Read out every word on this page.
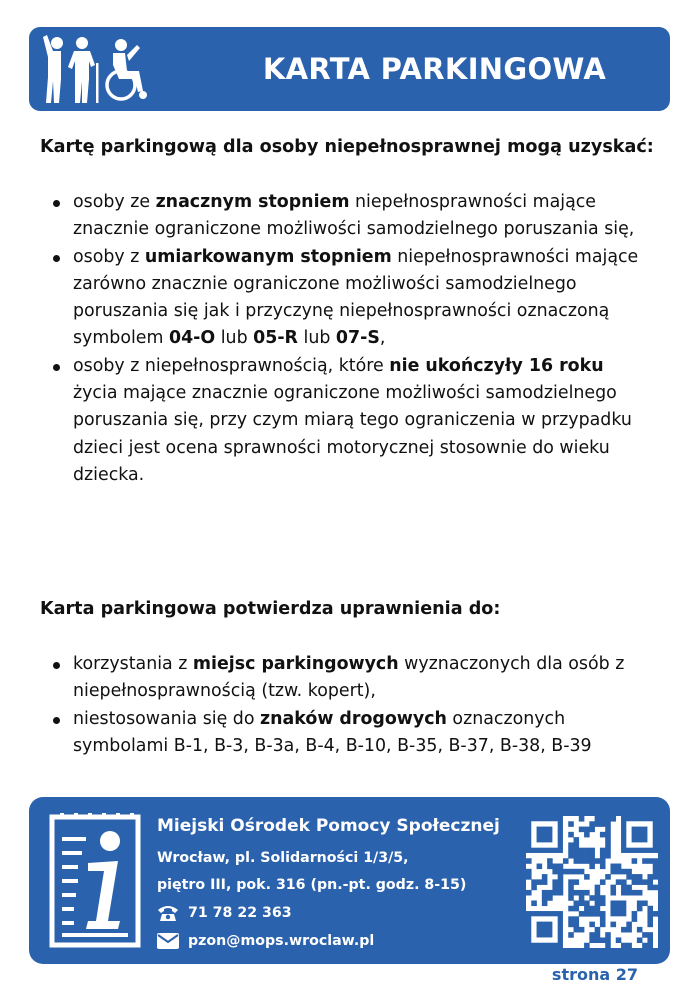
KARTA PARKINGOWA

Kartę parkingową dla osoby niepełnosprawnej mogą uzyskać:

osoby ze znacznym stopniem niepełnosprawności mające znacznie ograniczone możliwości samodzielnego poruszania się,
osoby z umiarkowanym stopniem niepełnosprawności mające zarówno znacznie ograniczone możliwości samodzielnego poruszania się jak i przyczynę niepełnosprawności oznaczoną symbolem 04-O lub 05-R lub 07-S,
osoby z niepełnosprawnością, które nie ukończyły 16 roku życia mające znacznie ograniczone możliwości samodzielnego poruszania się, przy czym miarą tego ograniczenia w przypadku dzieci jest ocena sprawności motorycznej stosownie do wieku dziecka.

Karta parkingowa potwierdza uprawnienia do:

korzystania z miejsc parkingowych wyznaczonych dla osób z niepełnosprawnością (tzw. kopert),
niestosowania się do znaków drogowych oznaczonych symbolami B-1, B-3, B-3a, B-4, B-10, B-35, B-37, B-38, B-39
Miejski Ośrodek Pomocy Społecznej
Wrocław, pl. Solidarności 1/3/5,
piętro III, pok. 316 (pn.-pt. godz. 8-15)
71 78 22 363
pzon@mops.wroclaw.pl
strona 27
